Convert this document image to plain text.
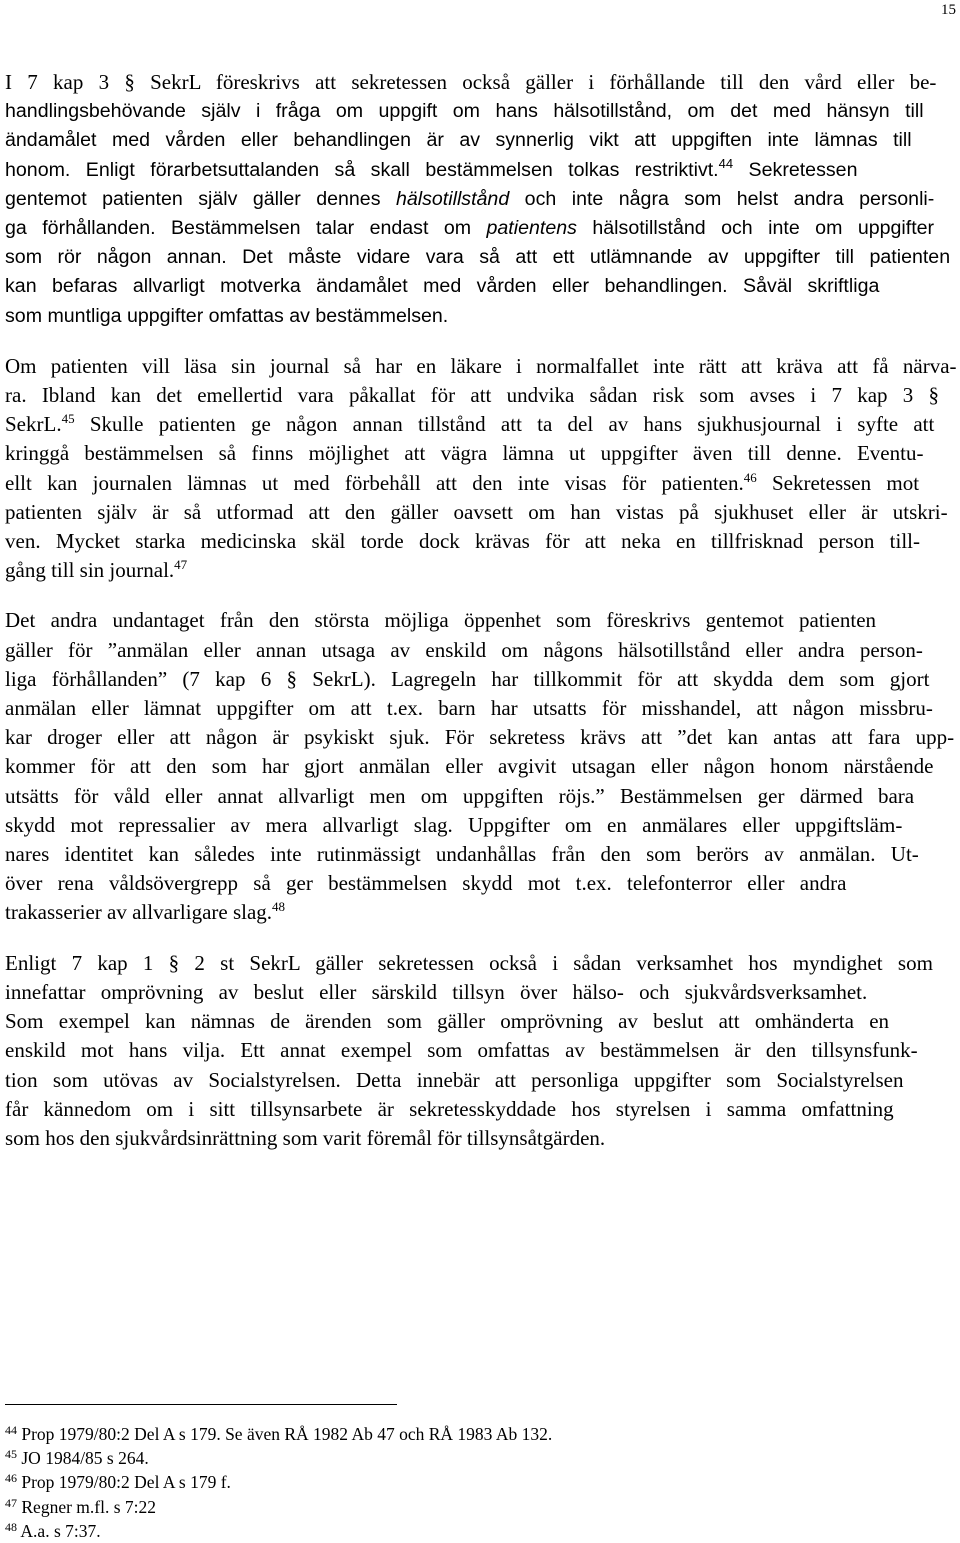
15
I 7 kap 3 § SekrL föreskrivs att sekretessen också gäller i förhållande till den vård eller be-
handlingsbehövande själv i fråga om uppgift om hans hälsotillstånd, om det med hänsyn till
ändamålet med vården eller behandlingen är av synnerlig vikt att uppgiften inte lämnas till
honom. Enligt förarbetsuttalanden så skall bestämmelsen tolkas restriktivt.$^{44}$ Sekretessen
gentemot patienten själv gäller dennes hälsotillstånd och inte några som helst andra personli-
ga förhållanden. Bestämmelsen talar endast om patientens hälsotillstånd och inte om uppgifter
som rör någon annan. Det måste vidare vara så att ett utlämnande av uppgifter till patienten
kan befaras allvarligt motverka ändamålet med vården eller behandlingen. Såväl skriftliga
som muntliga uppgifter omfattas av bestämmelsen.
Om patienten vill läsa sin journal så har en läkare i normalfallet inte rätt att kräva att få närva-
ra. Ibland kan det emellertid vara påkallat för att undvika sådan risk som avses i 7 kap 3 §
SekrL.$^{45}$ Skulle patienten ge någon annan tillstånd att ta del av hans sjukhusjournal i syfte att
kringgå bestämmelsen så finns möjlighet att vägra lämna ut uppgifter även till denne. Eventu-
ellt kan journalen lämnas ut med förbehåll att den inte visas för patienten.$^{46}$ Sekretessen mot
patienten själv är så utformad att den gäller oavsett om han vistas på sjukhuset eller är utskri-
ven. Mycket starka medicinska skäl torde dock krävas för att neka en tillfrisknad person till-
gång till sin journal.$^{47}$
Det andra undantaget från den största möjliga öppenhet som föreskrivs gentemot patienten
gäller för ”anmälan eller annan utsaga av enskild om någons hälsotillstånd eller andra person-
liga förhållanden” (7 kap 6 § SekrL). Lagregeln har tillkommit för att skydda dem som gjort
anmälan eller lämnat uppgifter om att t.ex. barn har utsatts för misshandel, att någon missbru-
kar droger eller att någon är psykiskt sjuk. För sekretess krävs att ”det kan antas att fara upp-
kommer för att den som har gjort anmälan eller avgivit utsagan eller någon honom närstående
utsätts för våld eller annat allvarligt men om uppgiften röjs.” Bestämmelsen ger därmed bara
skydd mot repressalier av mera allvarligt slag. Uppgifter om en anmälares eller uppgiftsläm-
nares identitet kan således inte rutinmässigt undanhållas från den som berörs av anmälan. Ut-
över rena våldsövergrepp så ger bestämmelsen skydd mot t.ex. telefonterror eller andra
trakasserier av allvarligare slag.$^{48}$
Enligt 7 kap 1 § 2 st SekrL gäller sekretessen också i sådan verksamhet hos myndighet som
innefattar omprövning av beslut eller särskild tillsyn över hälso- och sjukvårdsverksamhet.
Som exempel kan nämnas de ärenden som gäller omprövning av beslut att omhänderta en
enskild mot hans vilja. Ett annat exempel som omfattas av bestämmelsen är den tillsynsfunk-
tion som utövas av Socialstyrelsen. Detta innebär att personliga uppgifter som Socialstyrelsen
får kännedom om i sitt tillsynsarbete är sekretesskyddade hos styrelsen i samma omfattning
som hos den sjukvårdsinrättning som varit föremål för tillsynsåtgärden.
$^{44}$ Prop 1979/80:2 Del A s 179. Se även RÅ 1982 Ab 47 och RÅ 1983 Ab 132.
$^{45}$ JO 1984/85 s 264.
$^{46}$ Prop 1979/80:2 Del A s 179 f.
$^{47}$ Regner m.fl. s 7:22
$^{48}$ A.a. s 7:37.
